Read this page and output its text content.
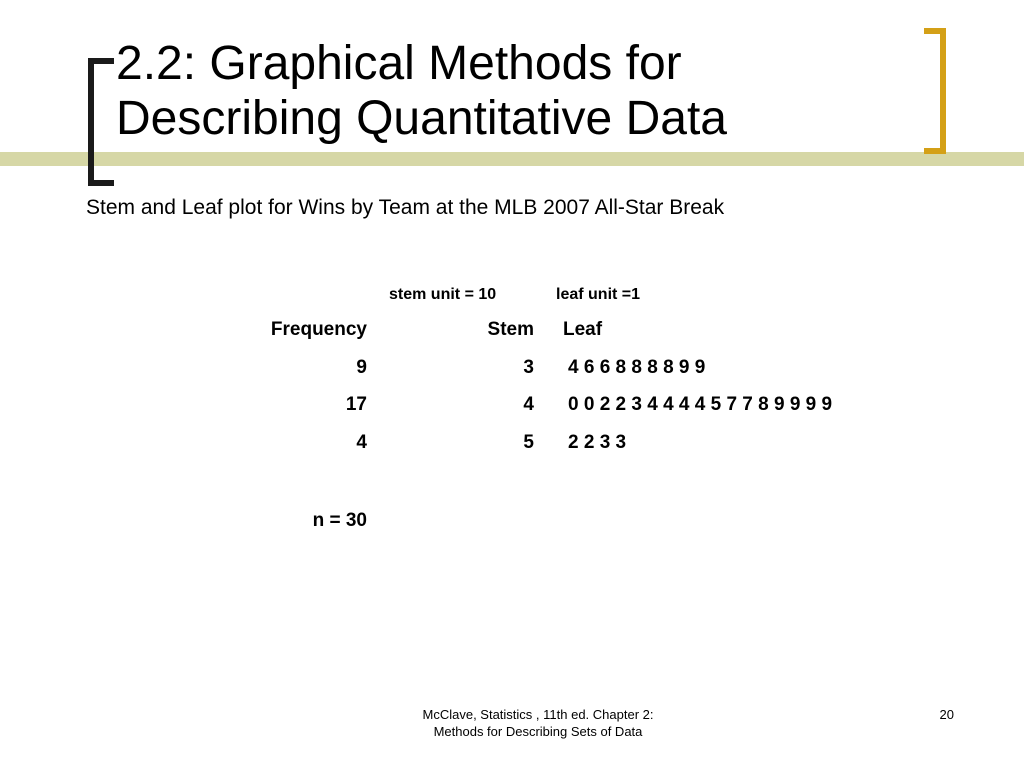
2.2: Graphical Methods for
Describing Quantitative Data
Stem and Leaf plot for Wins by Team at the MLB 2007 All-Star Break
stem unit = 10	leaf unit =1
Frequency	Stem Leaf
9	3 4 6 6 8 8 8 8 9 9
17	4 0 0 2 2 3 4 4 4 4 5 7 7 8 9 9 9 9
4	5 2 2 3 3
n = 30
McClave, Statistics , 11th ed. Chapter 2:
Methods for Describing Sets of Data
20
